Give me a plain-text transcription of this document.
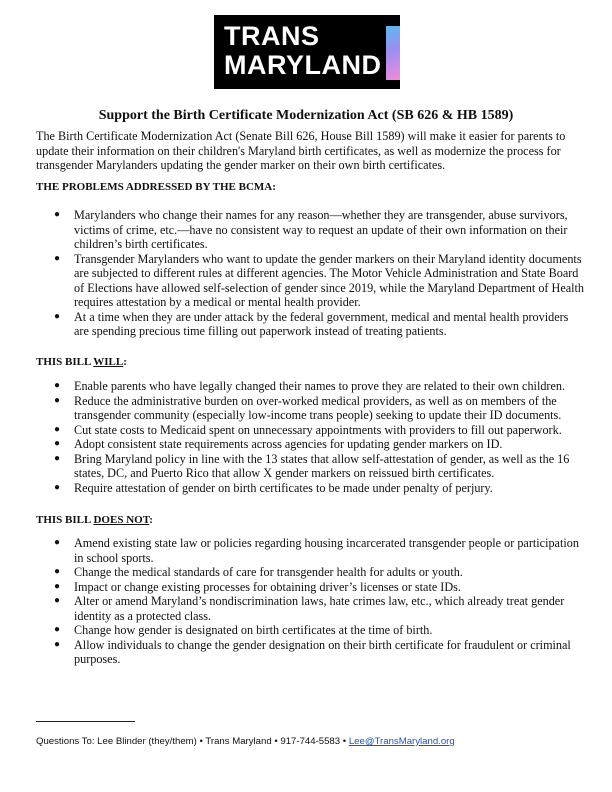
TRANS
MARYLAND
Support the Birth Certificate Modernization Act (SB 626 & HB 1589)

The Birth Certificate Modernization Act (Senate Bill 626, House Bill 1589) will make it easier for parents to update their information on their children's Maryland birth certificates, as well as modernize the process for transgender Marylanders updating the gender marker on their own birth certificates.

THE PROBLEMS ADDRESSED BY THE BCMA:
● Marylanders who change their names for any reason—whether they are transgender, abuse survivors, victims of crime, etc.—have no consistent way to request an update of their own information on their children’s birth certificates.
● Transgender Marylanders who want to update the gender markers on their Maryland identity documents are subjected to different rules at different agencies. The Motor Vehicle Administration and State Board of Elections have allowed self-selection of gender since 2019, while the Maryland Department of Health requires attestation by a medical or mental health provider.
● At a time when they are under attack by the federal government, medical and mental health providers are spending precious time filling out paperwork instead of treating patients.
THIS BILL WILL:
● Enable parents who have legally changed their names to prove they are related to their own children.
● Reduce the administrative burden on over-worked medical providers, as well as on members of the transgender community (especially low-income trans people) seeking to update their ID documents.
● Cut state costs to Medicaid spent on unnecessary appointments with providers to fill out paperwork.
● Adopt consistent state requirements across agencies for updating gender markers on ID.
● Bring Maryland policy in line with the 13 states that allow self-attestation of gender, as well as the 16 states, DC, and Puerto Rico that allow X gender markers on reissued birth certificates.
● Require attestation of gender on birth certificates to be made under penalty of perjury.
THIS BILL DOES NOT:
● Amend existing state law or policies regarding housing incarcerated transgender people or participation in school sports.
● Change the medical standards of care for transgender health for adults or youth.
● Impact or change existing processes for obtaining driver’s licenses or state IDs.
● Alter or amend Maryland’s nondiscrimination laws, hate crimes law, etc., which already treat gender identity as a protected class.
● Change how gender is designated on birth certificates at the time of birth.
● Allow individuals to change the gender designation on their birth certificate for fraudulent or criminal purposes.
Questions To: Lee Blinder (they/them) • Trans Maryland • 917-744-5583 • Lee@TransMaryland.org
